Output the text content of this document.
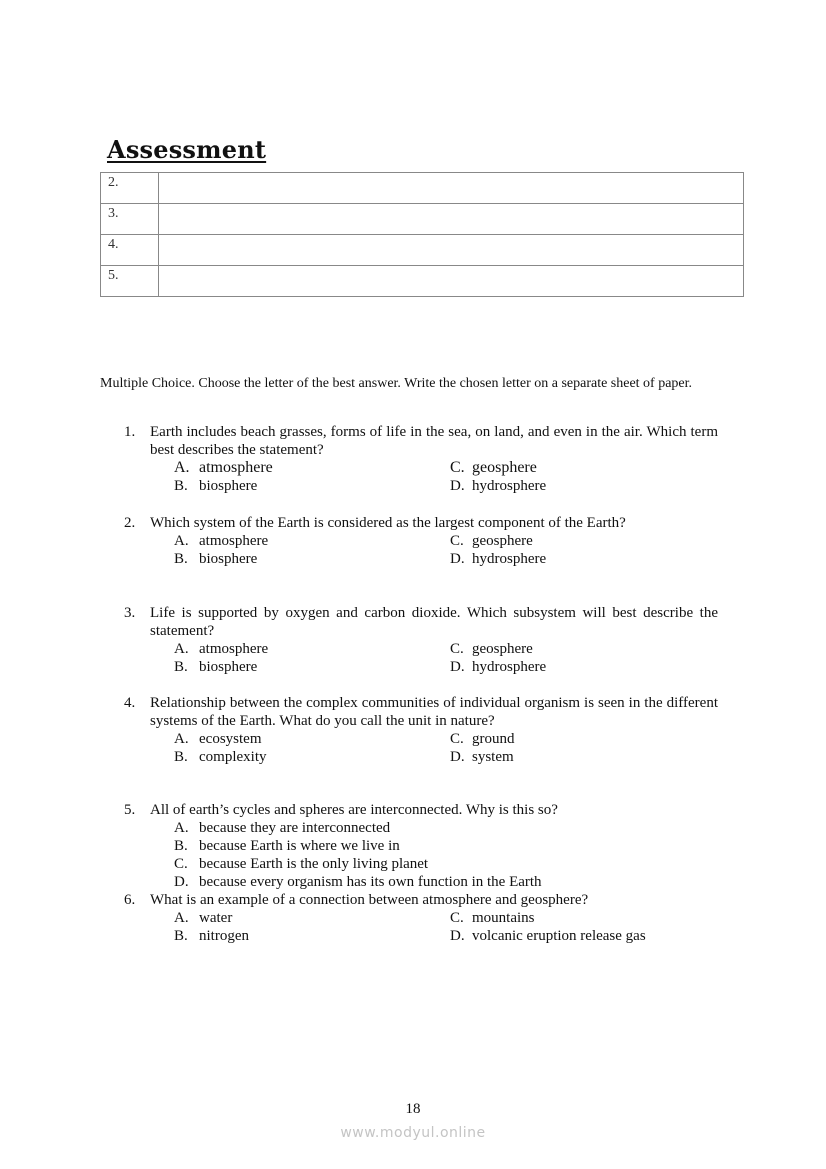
Assessment
2.	
3.	
4.	
5.	
Multiple Choice. Choose the letter of the best answer. Write the chosen letter on a separate sheet of paper.
1. Earth includes beach grasses, forms of life in the sea, on land, and even in the air. Which term best describes the statement?
A. atmosphere	C. geosphere
B. biosphere	D. hydrosphere
2. Which system of the Earth is considered as the largest component of the Earth?
A. atmosphere	C. geosphere
B. biosphere	D. hydrosphere
3. Life is supported by oxygen and carbon dioxide. Which subsystem will best describe the statement?
A. atmosphere	C. geosphere
B. biosphere	D. hydrosphere
4. Relationship between the complex communities of individual organism is seen in the different systems of the Earth. What do you call the unit in nature?
A. ecosystem	C. ground
B. complexity	D. system
5. All of earth’s cycles and spheres are interconnected. Why is this so?
A. because they are interconnected
B. because Earth is where we live in
C. because Earth is the only living planet
D. because every organism has its own function in the Earth
6. What is an example of a connection between atmosphere and geosphere?
A. water	C. mountains
B. nitrogen	D. volcanic eruption release gas
18
www.modyul.online
